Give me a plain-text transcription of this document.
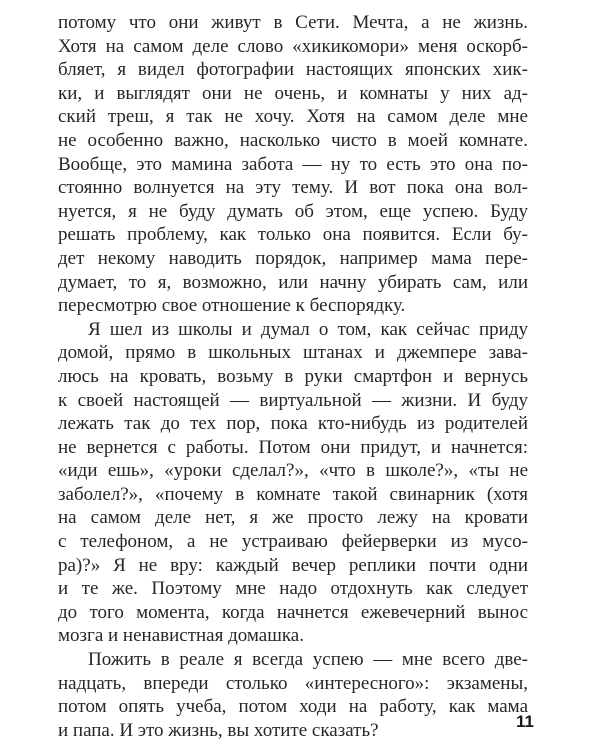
потому что они живут в Сети. Мечта, а не жизнь.
Хотя на самом деле слово «хикикомори» меня оскорб-
бляет, я видел фотографии настоящих японских хик-
ки, и выглядят они не очень, и комнаты у них ад-
ский треш, я так не хочу. Хотя на самом деле мне
не особенно важно, насколько чисто в моей комнате.
Вообще, это мамина забота — ну то есть это она по-
стоянно волнуется на эту тему. И вот пока она вол-
нуется, я не буду думать об этом, еще успею. Буду
решать проблему, как только она появится. Если бу-
дет некому наводить порядок, например мама пере-
думает, то я, возможно, или начну убирать сам, или
пересмотрю свое отношение к беспорядку.
Я шел из школы и думал о том, как сейчас приду
домой, прямо в школьных штанах и джемпере зава-
люсь на кровать, возьму в руки смартфон и вернусь
к своей настоящей — виртуальной — жизни. И буду
лежать так до тех пор, пока кто-нибудь из родителей
не вернется с работы. Потом они придут, и начнется:
«иди ешь», «уроки сделал?», «что в школе?», «ты не
заболел?», «почему в комнате такой свинарник (хотя
на самом деле нет, я же просто лежу на кровати
с телефоном, а не устраиваю фейерверки из мусо-
ра)?» Я не вру: каждый вечер реплики почти одни
и те же. Поэтому мне надо отдохнуть как следует
до того момента, когда начнется ежевечерний вынос
мозга и ненавистная домашка.
Пожить в реале я всегда успею — мне всего две-
надцать, впереди столько «интересного»: экзамены,
потом опять учеба, потом ходи на работу, как мама
и папа. И это жизнь, вы хотите сказать?	11
